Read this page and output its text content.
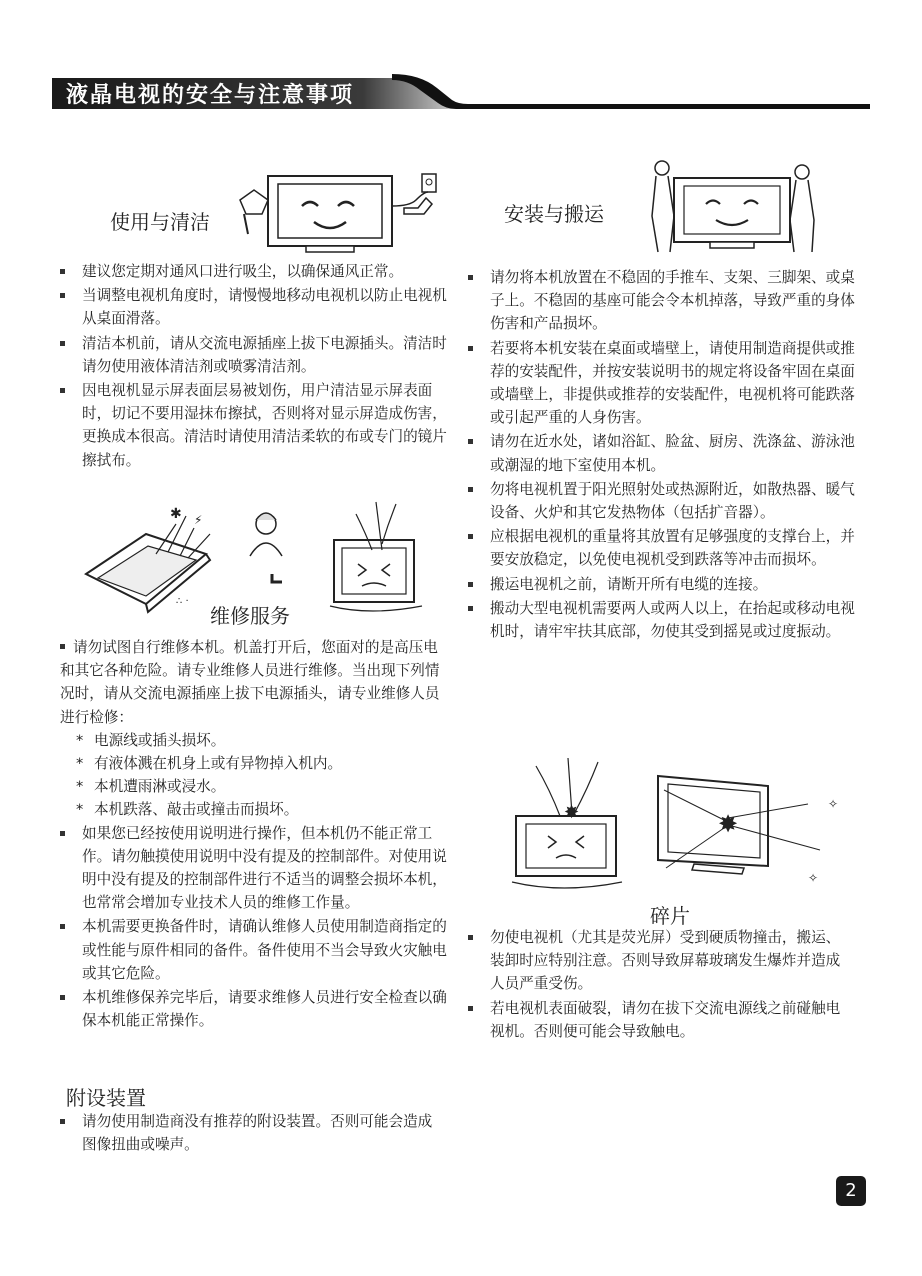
液晶电视的安全与注意事项
使用与清洁
建议您定期对通风口进行吸尘，以确保通风正常。
当调整电视机角度时，请慢慢地移动电视机以防止电视机从桌面滑落。
清洁本机前，请从交流电源插座上拔下电源插头。清洁时请勿使用液体清洁剂或喷雾清洁剂。
因电视机显示屏表面层易被划伤，用户清洁显示屏表面时，切记不要用湿抹布擦拭，否则将对显示屏造成伤害，更换成本很高。清洁时请使用清洁柔软的布或专门的镜片擦拭布。
✱ ⚡
∴ ·
维修服务
请勿试图自行维修本机。机盖打开后，您面对的是高压电和其它各种危险。请专业维修人员进行维修。当出现下列情况时，请从交流电源插座上拔下电源插头，请专业维修人员进行检修：
* 电源线或插头损坏。
* 有液体溅在机身上或有异物掉入机内。
* 本机遭雨淋或浸水。
* 本机跌落、敲击或撞击而损坏。
如果您已经按使用说明进行操作，但本机仍不能正常工作。请勿触摸使用说明中没有提及的控制部件。对使用说明中没有提及的控制部件进行不适当的调整会损坏本机，也常常会增加专业技术人员的维修工作量。
本机需要更换备件时，请确认维修人员使用制造商指定的或性能与原件相同的备件。备件使用不当会导致火灾触电或其它危险。
本机维修保养完毕后，请要求维修人员进行安全检查以确保本机能正常操作。
附设装置
请勿使用制造商没有推荐的附设装置。否则可能会造成图像扭曲或噪声。
安装与搬运
请勿将本机放置在不稳固的手推车、支架、三脚架、或桌子上。不稳固的基座可能会令本机掉落，导致严重的身体伤害和产品损坏。
若要将本机安装在桌面或墙壁上，请使用制造商提供或推荐的安装配件，并按安装说明书的规定将设备牢固在桌面或墙壁上，非提供或推荐的安装配件，电视机将可能跌落或引起严重的人身伤害。
请勿在近水处，诸如浴缸、脸盆、厨房、洗涤盆、游泳池或潮湿的地下室使用本机。
勿将电视机置于阳光照射处或热源附近，如散热器、暖气设备、火炉和其它发热物体（包括扩音器）。
应根据电视机的重量将其放置有足够强度的支撑台上，并要安放稳定，以免使电视机受到跌落等冲击而损坏。
搬运电视机之前，请断开所有电缆的连接。
搬动大型电视机需要两人或两人以上，在抬起或移动电视机时，请牢牢扶其底部，勿使其受到摇晃或过度振动。
✸	✸
✧
✧
碎片
勿使电视机（尤其是荧光屏）受到硬质物撞击，搬运、装卸时应特别注意。否则导致屏幕玻璃发生爆炸并造成人员严重受伤。
若电视机表面破裂，请勿在拔下交流电源线之前碰触电视机。否则便可能会导致触电。
2
